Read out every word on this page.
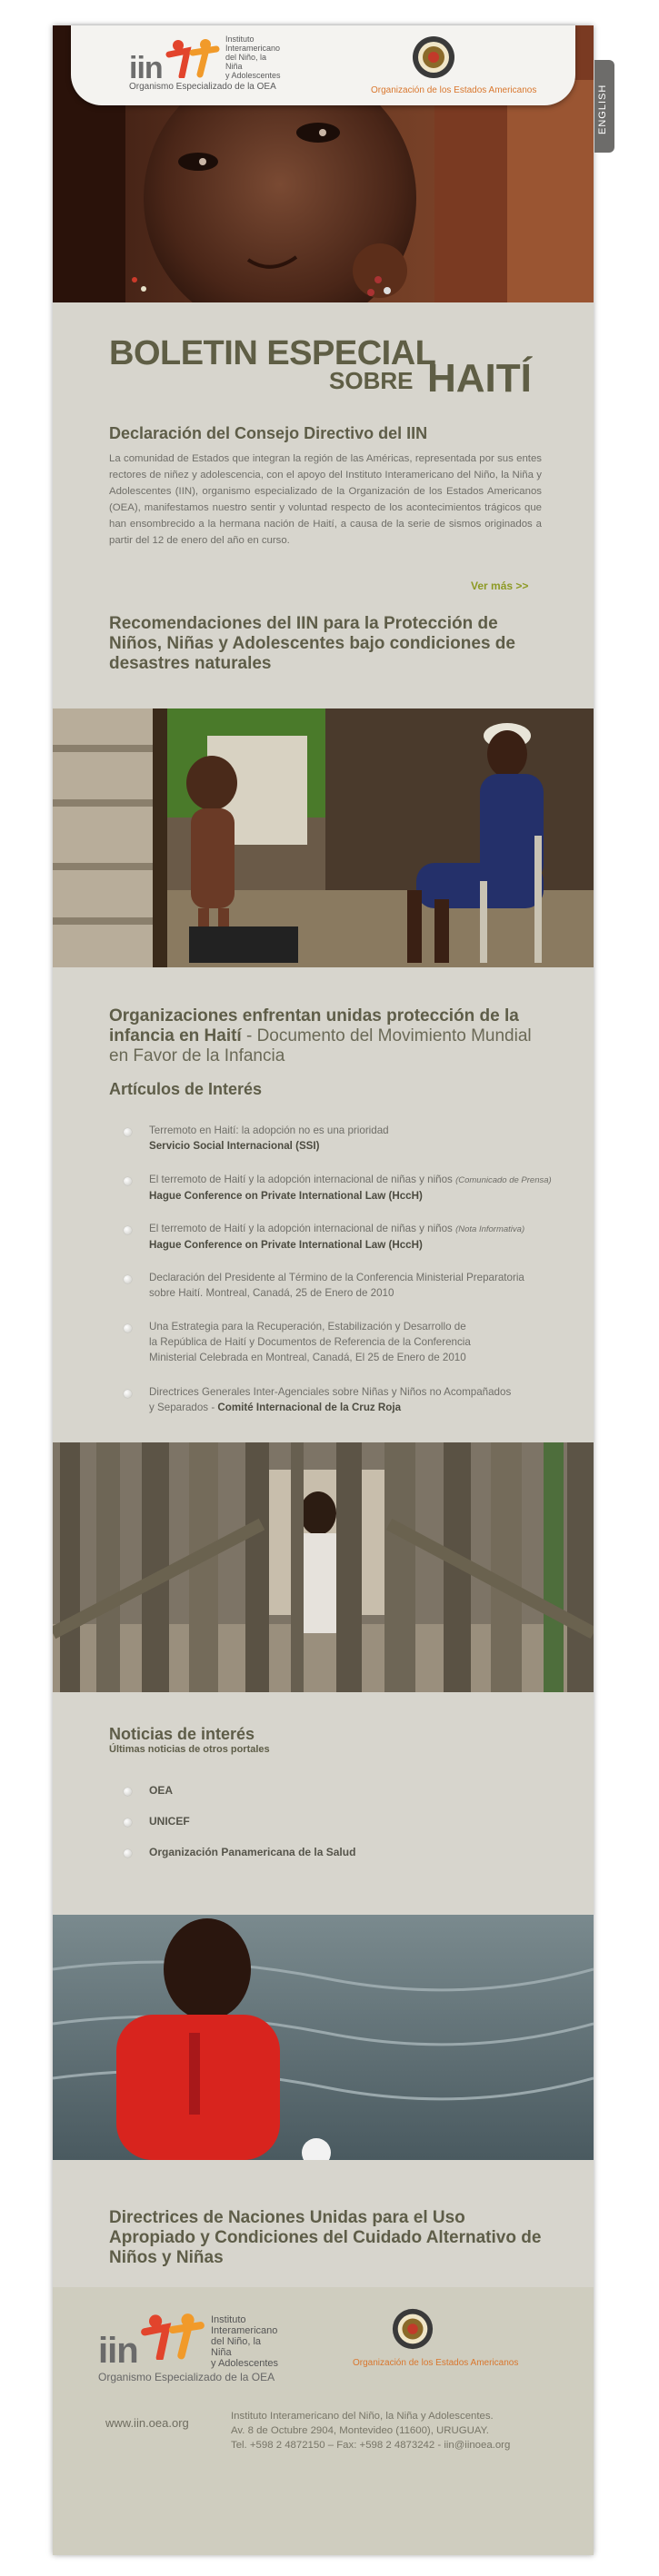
iin
Instituto
Interamericano
del Niño, la Niña
y Adolescentes
Organismo Especializado de la OEA	Organización de los Estados Americanos
BOLETIN ESPECIAL
SOBRE HAITÍ
Declaración del Consejo Directivo del IIN
La comunidad de Estados que integran la región de las Américas, representada por sus entes rectores de niñez y adolescencia, con el apoyo del Instituto Interamericano del Niño, la Niña y Adolescentes (IIN), organismo especializado de la Organización de los Estados Americanos (OEA), manifestamos nuestro sentir y voluntad respecto de los acontecimientos trágicos que han ensombrecido a la hermana nación de Haití, a causa de la serie de sismos originados a partir del 12 de enero del año en curso.
Ver más >>
Recomendaciones del IIN para la Protección de Niños, Niñas y Adolescentes bajo condiciones de desastres naturales
Organizaciones enfrentan unidas protección de la infancia en Haití - Documento del Movimiento Mundial en Favor de la Infancia
Artículos de Interés
Terremoto en Haití: la adopción no es una prioridad
Servicio Social Internacional (SSI)
El terremoto de Haití y la adopción internacional de niñas y niños (Comunicado de Prensa)
Hague Conference on Private International Law (HccH)
El terremoto de Haití y la adopción internacional de niñas y niños (Nota Informativa)
Hague Conference on Private International Law (HccH)
Declaración del Presidente al Término de la Conferencia Ministerial Preparatoria
sobre Haití. Montreal, Canadá, 25 de Enero de 2010
Una Estrategia para la Recuperación, Estabilización y Desarrollo de
la República de Haití y Documentos de Referencia de la Conferencia
Ministerial Celebrada en Montreal, Canadá, El 25 de Enero de 2010
Directrices Generales Inter-Agenciales sobre Niñas y Niños no Acompañados
y Separados - Comité Internacional de la Cruz Roja
Noticias de interés
Últimas noticias de otros portales
OEA
UNICEF
Organización Panamericana de la Salud
Directrices de Naciones Unidas para el Uso Apropiado y Condiciones del Cuidado Alternativo de Niños y Niñas
iin
Instituto
Interamericano
del Niño, la Niña
y Adolescentes
Organismo Especializado de la OEA
Organización de los Estados Americanos
www.iin.oea.org	Instituto Interamericano del Niño, la Niña y Adolescentes.
Av. 8 de Octubre 2904, Montevideo (11600), URUGUAY.
Tel. +598 2 4872150 – Fax: +598 2 4873242 - iin@iinoea.org
ENGLISH
